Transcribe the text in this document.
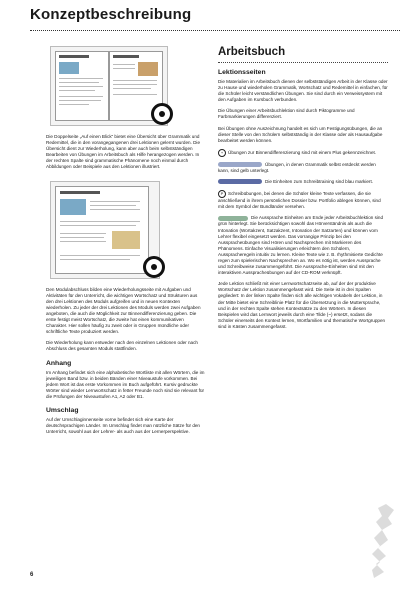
Konzeptbeschreibung

Die Doppelseite „Auf einen Blick“ bietet eine Übersicht über Grammatik und Redemittel, die in den vorangegangenen drei Lektionen gelernt wurden. Die Übersicht dient zur Wiederholung, kann aber auch beim selbstständigen Bearbeiten von Übungen im Arbeitsbuch als Hilfe herangezogen werden. In der rechten Spalte sind grammatische Phänomene noch einmal durch Abbildungen oder Beispiele aus den Lektionen illustriert.

Den Modulabschluss bilden eine Wiederholungsseite mit Aufgaben und Aktivitäten für den Unterricht, die wichtigen Wortschatz und Strukturen aus den drei Lektionen des Moduls aufgreifen und in neuen Kontexten wiederholen. Zu jeder der drei Lektionen des Moduls werden zwei Aufgaben angeboten, die auch die Möglichkeit zur Binnendifferenzierung geben. Die erste festigt meist Wortschatz, die zweite hat einen kommunikativen Charakter. Hier sollen häufig zu zweit oder in Gruppen mündliche oder schriftliche Texte produziert werden.

Die Wiederholung kann entweder nach den einzelnen Lektionen oder nach Abschluss des gesamten Moduls stattfinden.

Anhang

Im Anhang befindet sich eine alphabetische Wortliste mit allen Wörtern, die im jeweiligen Band bzw. in beiden Bänden einer Niveaustufe vorkommen. Bei jedem Wort ist das erste Vorkommen im Buch aufgeführt. Kursiv gedruckte Wörter sind wieder Lernwortschatz in fetter Freunde noch sind sie relevant für die Prüfungen der Niveaustufen A1, A2 oder B1.

Umschlag

Auf der Umschlaginnenseite vorne befindet sich eine Karte der deutschsprachigen Länder. Im Umschlag findet man nützliche Sätze für den Unterricht, sowohl aus der Lehrer- als auch aus der Lernerperspektive.

Arbeitsbuch
Lektionsseiten

Die Materialien im Arbeitsbuch dienen der selbstständigen Arbeit in der Klasse oder zu Hause und wiederholen Grammatik, Wortschatz und Redemittel in einfachen, für die Schüler leicht verständlichen Übungen. Sie sind durch ein Verweissystem mit den Aufgaben im Kursbuch verbunden.

Die Übungen einer Arbeitsbuchlektion sind durch Piktogramme und Farbmarkierungen differenziert.

Bei Übungen ohne Auszeichnung handelt es sich um Festigungsübungen, die an dieser Stelle von den Schülern selbstständig in der Klasse oder als Hausaufgabe bearbeitet werden können.

+ Übungen zur Binnendifferenzierung sind mit einem Plus gekennzeichnet.

Übungen, in denen Grammatik selbst entdeckt werden kann, sind gelb unterlegt.

Die Einheiten zum Schreibtraining sind blau markiert.

P Schreibübungen, bei denen die Schüler kleine Texte verfassen, die sie anschließend in ihrem persönlichen Dossier bzw. Portfolio ablegen können, sind mit dem Symbol der Bundländer versehen.

Die Aussprache Einheiten am Ende jeder Arbeitsbuchlektion sind grün hinterlegt. Sie berücksichtigen sowohl das Hörverständnis als auch die Intonation (Wortakzent, Satzakzent, Intonation der Satzarten) und können vom Lehrer flexibel eingesetzt werden. Das vorrangige Prinzip bei den Ausspracheübungen sind Hören und Nachsprechen mit Markieren des Phänomens. Einfache Visualisierungen erleichtern den Schülern, Ausspracheregeln intuitiv zu lernen. Kleine Texte wie z. B. rhythmisierte Gedichte regen zum spielerischen Nachsprechen an. Wo es nötig ist, werden Aussprache und Schreibweise zusammengeführt. Die Aussprache-Einheiten sind mit den interaktiven Ausspracheübungen auf der CD-ROM verknüpft.

Jede Lektion schließt mit einer Lernwortschatzseite ab, auf der der produktive Wortschatz der Lektion zusammengefasst wird. Die Seite ist in drei Spalten gegliedert: In der linken Spalte finden sich alle wichtigen Vokabeln der Lektion, in der Mitte bietet eine Schreiblinie Platz für die Übersetzung in die Muttersprache, und in der rechten Spalte stehen Kontextsätze zu den Wörtern. In diesen Beispielen wird das Lernwort jeweils durch eine Tilde (~) ersetzt, sodass die Schüler einerseits den Kontext lernen, Wortfamilien und thematische Wortgruppen sind in Kästen zusammengefasst.

6
